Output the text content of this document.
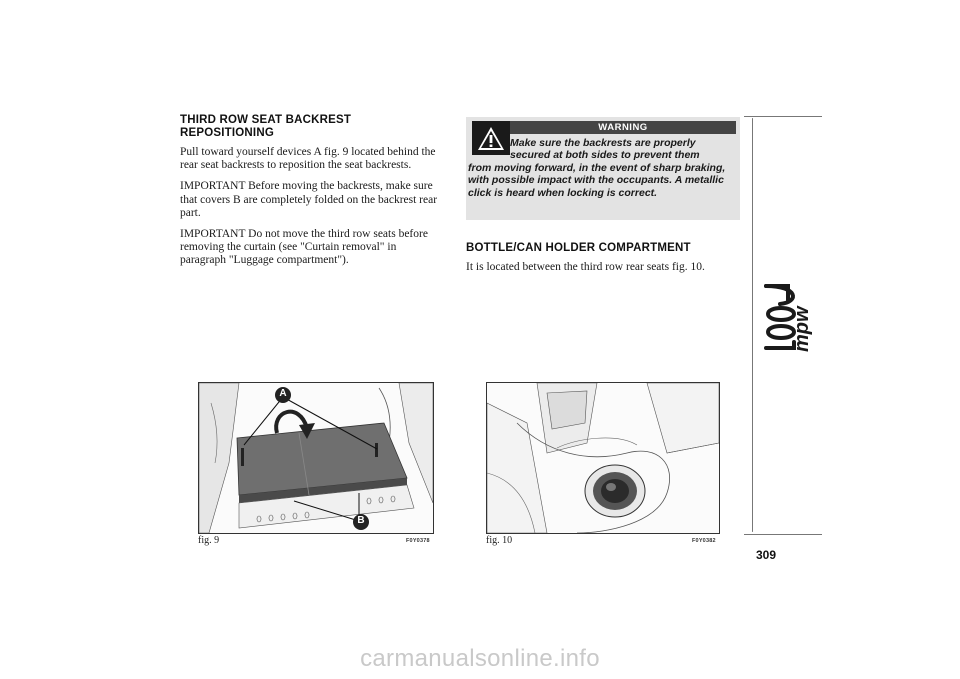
THIRD ROW SEAT BACKREST REPOSITIONING

Pull toward yourself devices A fig. 9 located behind the rear seat backrests to reposition the seat backrests.

IMPORTANT Before moving the backrests, make sure that covers B are completely folded on the backrest rear part.

IMPORTANT Do not move the third row seats before removing the curtain (see "Curtain removal" in paragraph "Luggage compartment").

WARNING
Make sure the backrests are properly
secured at both sides to prevent them
from moving forward, in the event of sharp braking, with possible impact with the occupants. A metallic click is heard when locking is correct.
BOTTLE/CAN HOLDER COMPARTMENT

It is located between the third row rear seats fig. 10.

A
B
fig. 9	F0Y0378	fig. 10	F0Y0382
mpw
309
carmanualsonline.info
